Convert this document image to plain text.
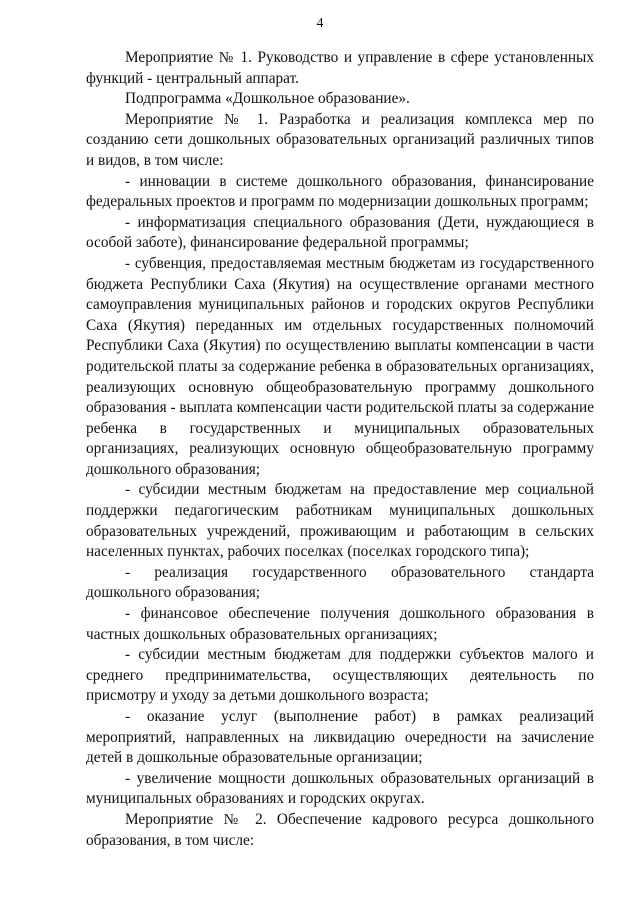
4

Мероприятие № 1. Руководство и управление в сфере установленных функций - центральный аппарат.

Подпрограмма «Дошкольное образование».

Мероприятие № 1. Разработка и реализация комплекса мер по созданию сети дошкольных образовательных организаций различных типов и видов, в том числе:

- инновации в системе дошкольного образования, финансирование федеральных проектов и программ по модернизации дошкольных программ;

- информатизация специального образования (Дети, нуждающиеся в особой заботе), финансирование федеральной программы;

- субвенция, предоставляемая местным бюджетам из государственного бюджета Республики Саха (Якутия) на осуществление органами местного самоуправления муниципальных районов и городских округов Республики Саха (Якутия) переданных им отдельных государственных полномочий Республики Саха (Якутия) по осуществлению выплаты компенсации в части родительской платы за содержание ребенка в образовательных организациях, реализующих основную общеобразовательную программу дошкольного образования - выплата компенсации части родительской платы за содержание ребенка в государственных и муниципальных образовательных организациях, реализующих основную общеобразовательную программу дошкольного образования;

- субсидии местным бюджетам на предоставление мер социальной поддержки педагогическим работникам муниципальных дошкольных образовательных учреждений, проживающим и работающим в сельских населенных пунктах, рабочих поселках (поселках городского типа);

- реализация государственного образовательного стандарта дошкольного образования;

- финансовое обеспечение получения дошкольного образования в частных дошкольных образовательных организациях;

- субсидии местным бюджетам для поддержки субъектов малого и среднего предпринимательства, осуществляющих деятельность по присмотру и уходу за детьми дошкольного возраста;

- оказание услуг (выполнение работ) в рамках реализаций мероприятий, направленных на ликвидацию очередности на зачисление детей в дошкольные образовательные организации;

- увеличение мощности дошкольных образовательных организаций в муниципальных образованиях и городских округах.

Мероприятие № 2. Обеспечение кадрового ресурса дошкольного образования, в том числе:
